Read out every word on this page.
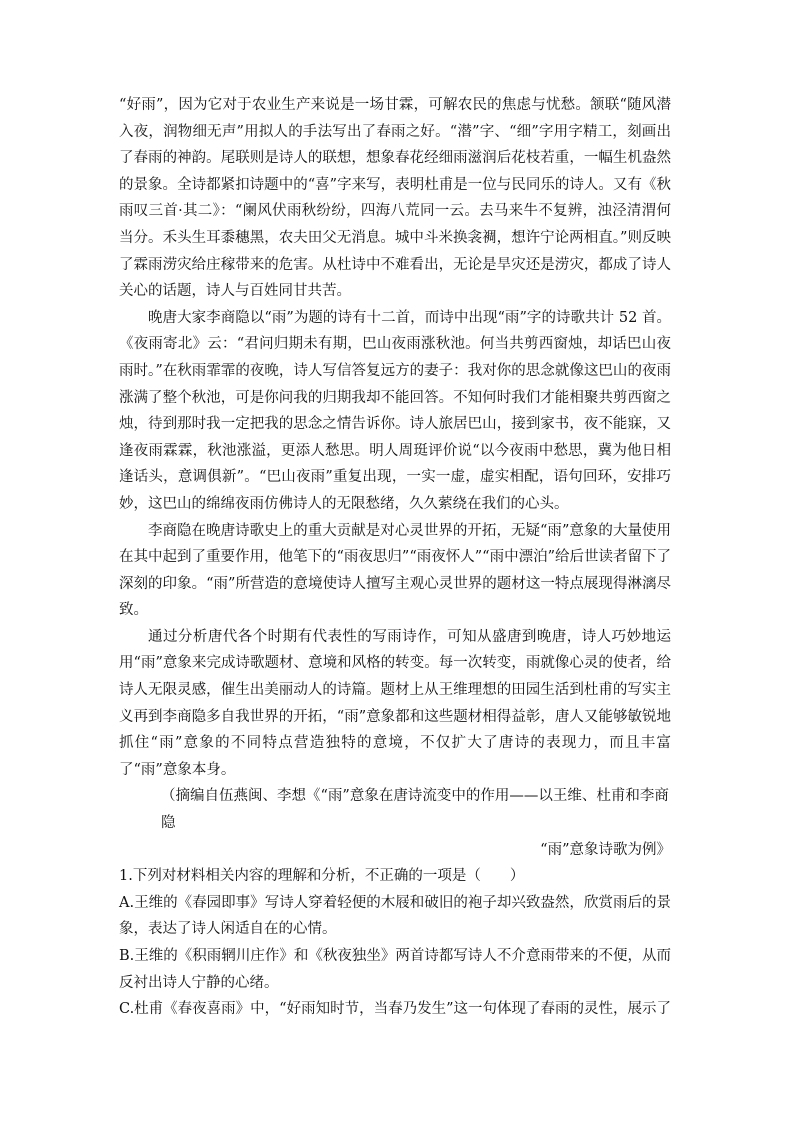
“好雨”，因为它对于农业生产来说是一场甘霖，可解农民的焦虑与忧愁。颔联“随风潜入夜，润物细无声”用拟人的手法写出了春雨之好。“潜”字、“细”字用字精工，刻画出了春雨的神韵。尾联则是诗人的联想，想象春花经细雨滋润后花枝若重，一幅生机盎然的景象。全诗都紧扣诗题中的“喜”字来写，表明杜甫是一位与民同乐的诗人。又有《秋雨叹三首·其二》：“阑风伏雨秋纷纷，四海八荒同一云。去马来牛不复辨，浊泾清渭何当分。禾头生耳黍穗黑，农夫田父无消息。城中斗米换衾裯，想许宁论两相直。”则反映了霖雨涝灾给庄稼带来的危害。从杜诗中不难看出，无论是旱灾还是涝灾，都成了诗人关心的话题，诗人与百姓同甘共苦。

晚唐大家李商隐以“雨”为题的诗有十二首，而诗中出现“雨”字的诗歌共计 52 首。《夜雨寄北》云：“君问归期未有期，巴山夜雨涨秋池。何当共剪西窗烛，却话巴山夜雨时。”在秋雨霏霏的夜晚，诗人写信答复远方的妻子：我对你的思念就像这巴山的夜雨涨满了整个秋池，可是你问我的归期我却不能回答。不知何时我们才能相聚共剪西窗之烛，待到那时我一定把我的思念之情告诉你。诗人旅居巴山，接到家书，夜不能寐，又逢夜雨霖霖，秋池涨溢，更添人愁思。明人周珽评价说“以今夜雨中愁思，冀为他日相逢话头，意调俱新”。“巴山夜雨”重复出现，一实一虚，虚实相配，语句回环，安排巧妙，这巴山的绵绵夜雨仿佛诗人的无限愁绪，久久萦绕在我们的心头。

李商隐在晚唐诗歌史上的重大贡献是对心灵世界的开拓，无疑“雨”意象的大量使用在其中起到了重要作用，他笔下的“雨夜思归”“雨夜怀人”“雨中漂泊”给后世读者留下了深刻的印象。“雨”所营造的意境使诗人擅写主观心灵世界的题材这一特点展现得淋漓尽致。

通过分析唐代各个时期有代表性的写雨诗作，可知从盛唐到晚唐，诗人巧妙地运用“雨”意象来完成诗歌题材、意境和风格的转变。每一次转变，雨就像心灵的使者，给诗人无限灵感，催生出美丽动人的诗篇。题材上从王维理想的田园生活到杜甫的写实主义再到李商隐多自我世界的开拓，“雨”意象都和这些题材相得益彰，唐人又能够敏锐地抓住“雨”意象的不同特点营造独特的意境，不仅扩大了唐诗的表现力，而且丰富了“雨”意象本身。

（摘编自伍燕闽、李想《“雨”意象在唐诗流变中的作用——以王维、杜甫和李商隐

“雨”意象诗歌为例》

1.下列对材料相关内容的理解和分析，不正确的一项是（　　）

A.王维的《春园即事》写诗人穿着轻便的木屐和破旧的袍子却兴致盎然，欣赏雨后的景象，表达了诗人闲适自在的心情。

B.王维的《积雨辋川庄作》和《秋夜独坐》两首诗都写诗人不介意雨带来的不便，从而反衬出诗人宁静的心绪。

C.杜甫《春夜喜雨》中，“好雨知时节，当春乃发生”这一句体现了春雨的灵性，展示了
